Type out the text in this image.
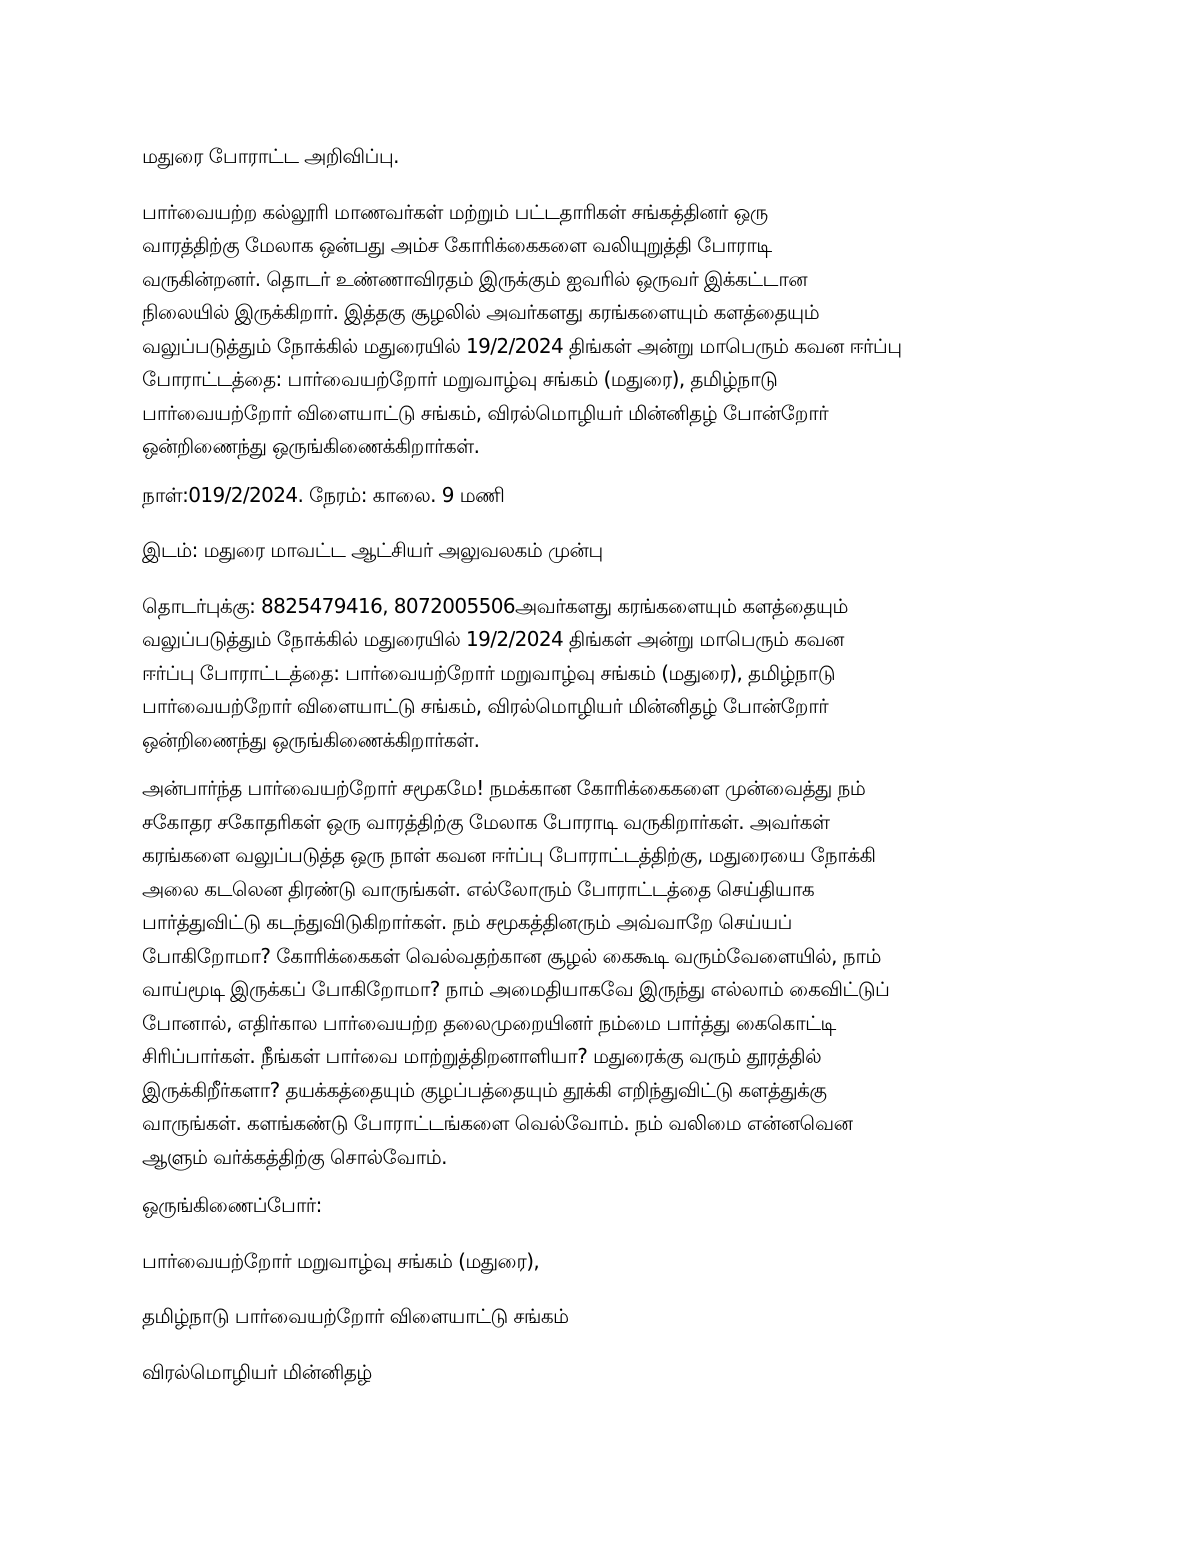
மதுரை போராட்ட அறிவிப்பு.
பார்வையற்ற கல்லூரி மாணவர்கள் மற்றும் பட்டதாரிகள் சங்கத்தினர் ஒரு
வாரத்திற்கு மேலாக ஒன்பது அம்ச கோரிக்கைகளை வலியுறுத்தி போராடி
வருகின்றனர். தொடர் உண்ணாவிரதம் இருக்கும் ஐவரில் ஒருவர் இக்கட்டான
நிலையில் இருக்கிறார். இத்தகு சூழலில் அவர்களது கரங்களையும் களத்தையும்
வலுப்படுத்தும் நோக்கில் மதுரையில் 19/2/2024 திங்கள் அன்று மாபெரும் கவன ஈர்ப்பு
போராட்டத்தை: பார்வையற்றோர் மறுவாழ்வு சங்கம் (மதுரை), தமிழ்நாடு
பார்வையற்றோர் விளையாட்டு சங்கம், விரல்மொழியர் மின்னிதழ் போன்றோர்
ஒன்றிணைந்து ஒருங்கிணைக்கிறார்கள்.
நாள்:019/2/2024. நேரம்: காலை. 9 மணி
இடம்: மதுரை மாவட்ட ஆட்சியர் அலுவலகம் முன்பு
தொடர்புக்கு: 8825479416, 8072005506அவர்களது கரங்களையும் களத்தையும்
வலுப்படுத்தும் நோக்கில் மதுரையில் 19/2/2024 திங்கள் அன்று மாபெரும் கவன
ஈர்ப்பு போராட்டத்தை: பார்வையற்றோர் மறுவாழ்வு சங்கம் (மதுரை), தமிழ்நாடு
பார்வையற்றோர் விளையாட்டு சங்கம், விரல்மொழியர் மின்னிதழ் போன்றோர்
ஒன்றிணைந்து ஒருங்கிணைக்கிறார்கள்.
அன்பார்ந்த பார்வையற்றோர் சமூகமே! நமக்கான கோரிக்கைகளை முன்வைத்து நம்
சகோதர சகோதரிகள் ஒரு வாரத்திற்கு மேலாக போராடி வருகிறார்கள். அவர்கள்
கரங்களை வலுப்படுத்த ஒரு நாள் கவன ஈர்ப்பு போராட்டத்திற்கு, மதுரையை நோக்கி
அலை கடலென திரண்டு வாருங்கள். எல்லோரும் போராட்டத்தை செய்தியாக
பார்த்துவிட்டு கடந்துவிடுகிறார்கள். நம் சமூகத்தினரும் அவ்வாறே செய்யப்
போகிறோமா? கோரிக்கைகள் வெல்வதற்கான சூழல் கைகூடி வரும்வேளையில், நாம்
வாய்மூடி இருக்கப் போகிறோமா? நாம் அமைதியாகவே இருந்து எல்லாம் கைவிட்டுப்
போனால், எதிர்கால பார்வையற்ற தலைமுறையினர் நம்மை பார்த்து கைகொட்டி
சிரிப்பார்கள். நீங்கள் பார்வை மாற்றுத்திறனாளியா? மதுரைக்கு வரும் தூரத்தில்
இருக்கிறீர்களா? தயக்கத்தையும் குழப்பத்தையும் தூக்கி எறிந்துவிட்டு களத்துக்கு
வாருங்கள். களங்கண்டு போராட்டங்களை வெல்வோம். நம் வலிமை என்னவென
ஆளும் வர்க்கத்திற்கு சொல்வோம்.
ஒருங்கிணைப்போர்:
பார்வையற்றோர் மறுவாழ்வு சங்கம் (மதுரை),
தமிழ்நாடு பார்வையற்றோர் விளையாட்டு சங்கம்
விரல்மொழியர் மின்னிதழ்
